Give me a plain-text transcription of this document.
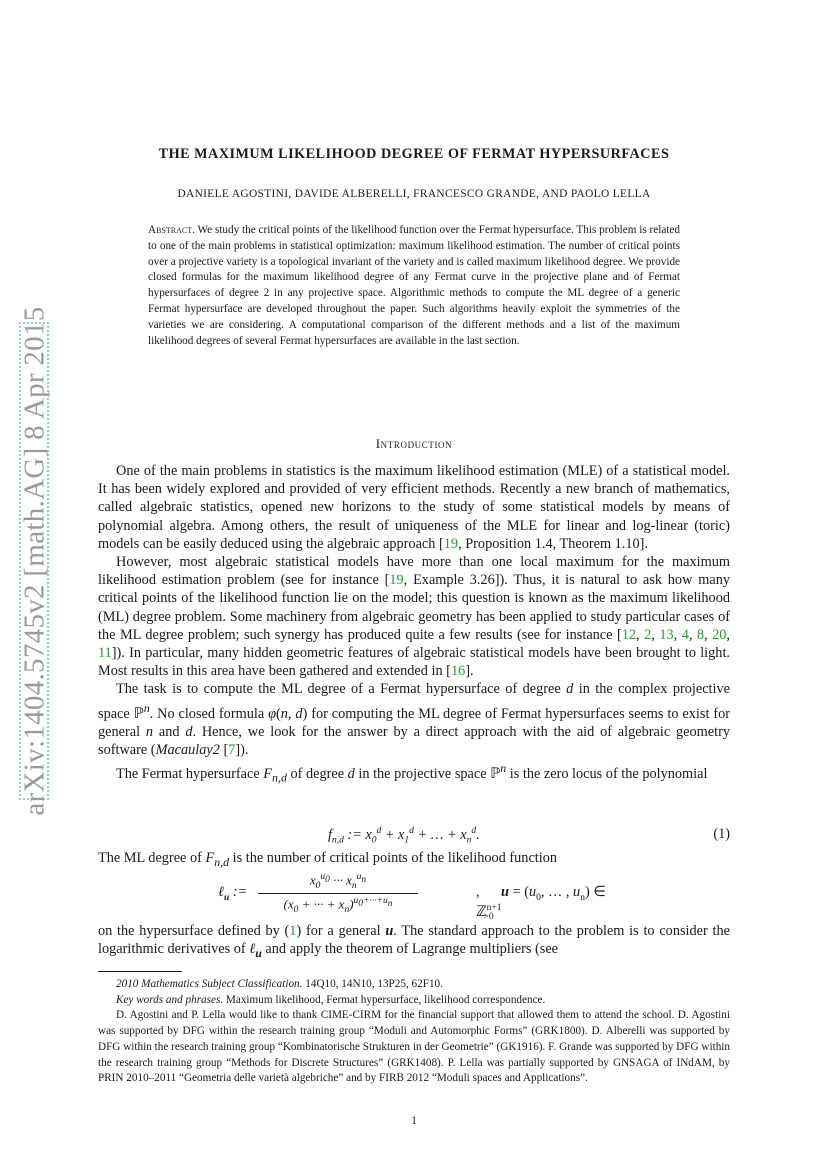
arXiv:1404.5745v2 [math.AG] 8 Apr 2015
THE MAXIMUM LIKELIHOOD DEGREE OF FERMAT HYPERSURFACES
DANIELE AGOSTINI, DAVIDE ALBERELLI, FRANCESCO GRANDE, AND PAOLO LELLA
Abstract. We study the critical points of the likelihood function over the Fermat hypersurface. This problem is related to one of the main problems in statistical optimization: maximum likelihood estimation. The number of critical points over a projective variety is a topological invariant of the variety and is called maximum likelihood degree. We provide closed formulas for the maximum likelihood degree of any Fermat curve in the projective plane and of Fermat hypersurfaces of degree 2 in any projective space. Algorithmic methods to compute the ML degree of a generic Fermat hypersurface are developed throughout the paper. Such algorithms heavily exploit the symmetries of the varieties we are considering. A computational comparison of the different methods and a list of the maximum likelihood degrees of several Fermat hypersurfaces are available in the last section.
Introduction

One of the main problems in statistics is the maximum likelihood estimation (MLE) of a statistical model. It has been widely explored and provided of very efficient methods. Recently a new branch of mathematics, called algebraic statistics, opened new horizons to the study of some statistical models by means of polynomial algebra. Among others, the result of uniqueness of the MLE for linear and log-linear (toric) models can be easily deduced using the algebraic approach [19, Proposition 1.4, Theorem 1.10].

However, most algebraic statistical models have more than one local maximum for the maximum likelihood estimation problem (see for instance [19, Example 3.26]). Thus, it is natural to ask how many critical points of the likelihood function lie on the model; this question is known as the maximum likelihood (ML) degree problem. Some machinery from algebraic geometry has been applied to study particular cases of the ML degree problem; such synergy has produced quite a few results (see for instance [12, 2, 13, 4, 8, 20, 11]). In particular, many hidden geometric features of algebraic statistical models have been brought to light. Most results in this area have been gathered and extended in [16].

The task is to compute the ML degree of a Fermat hypersurface of degree d in the complex projective space ℙ$^n$. No closed formula φ(n, d) for computing the ML degree of Fermat hypersurfaces seems to exist for general n and d. Hence, we look for the answer by a direct approach with the aid of algebraic geometry software (Macaulay2 [7]).

The Fermat hypersurface $F_{n,d}$ of degree d in the projective space ℙ$^n$ is the zero locus of the polynomial

$f_{n,d}$ := $x_0^d + x_1^d$ + … + $x_n^d$.	(1)
The ML degree of $F_{n,d}$ is the number of critical points of the likelihood function
ℓ$_u$ :=
$x_0^{u_0}$ ··· $x_n^{u_n}$
($x_0$ + ··· + $x_n)^{u_0+\cdot\cdot\cdot+u_n}$
,      $u = (u_0$, … , $u_n$) ∈ ℤ$^{n+1}_{>0}$
on the hypersurface defined by (1) for a general u. The standard approach to the problem is to consider the logarithmic derivatives of ℓ$_u$ and apply the theorem of Lagrange multipliers (see

2010 Mathematics Subject Classification. 14Q10, 14N10, 13P25, 62F10.

Key words and phrases. Maximum likelihood, Fermat hypersurface, likelihood correspondence.

D. Agostini and P. Lella would like to thank CIME-CIRM for the financial support that allowed them to attend the school. D. Agostini was supported by DFG within the research training group “Moduli and Automorphic Forms” (GRK1800). D. Alberelli was supported by DFG within the research training group “Kombinatorische Strukturen in der Geometrie” (GK1916). F. Grande was supported by DFG within the research training group “Methods for Discrete Structures” (GRK1408). P. Lella was partially supported by GNSAGA of INdAM, by PRIN 2010–2011 “Geometria delle varietà algebriche” and by FIRB 2012 “Moduli spaces and Applications”.

1
